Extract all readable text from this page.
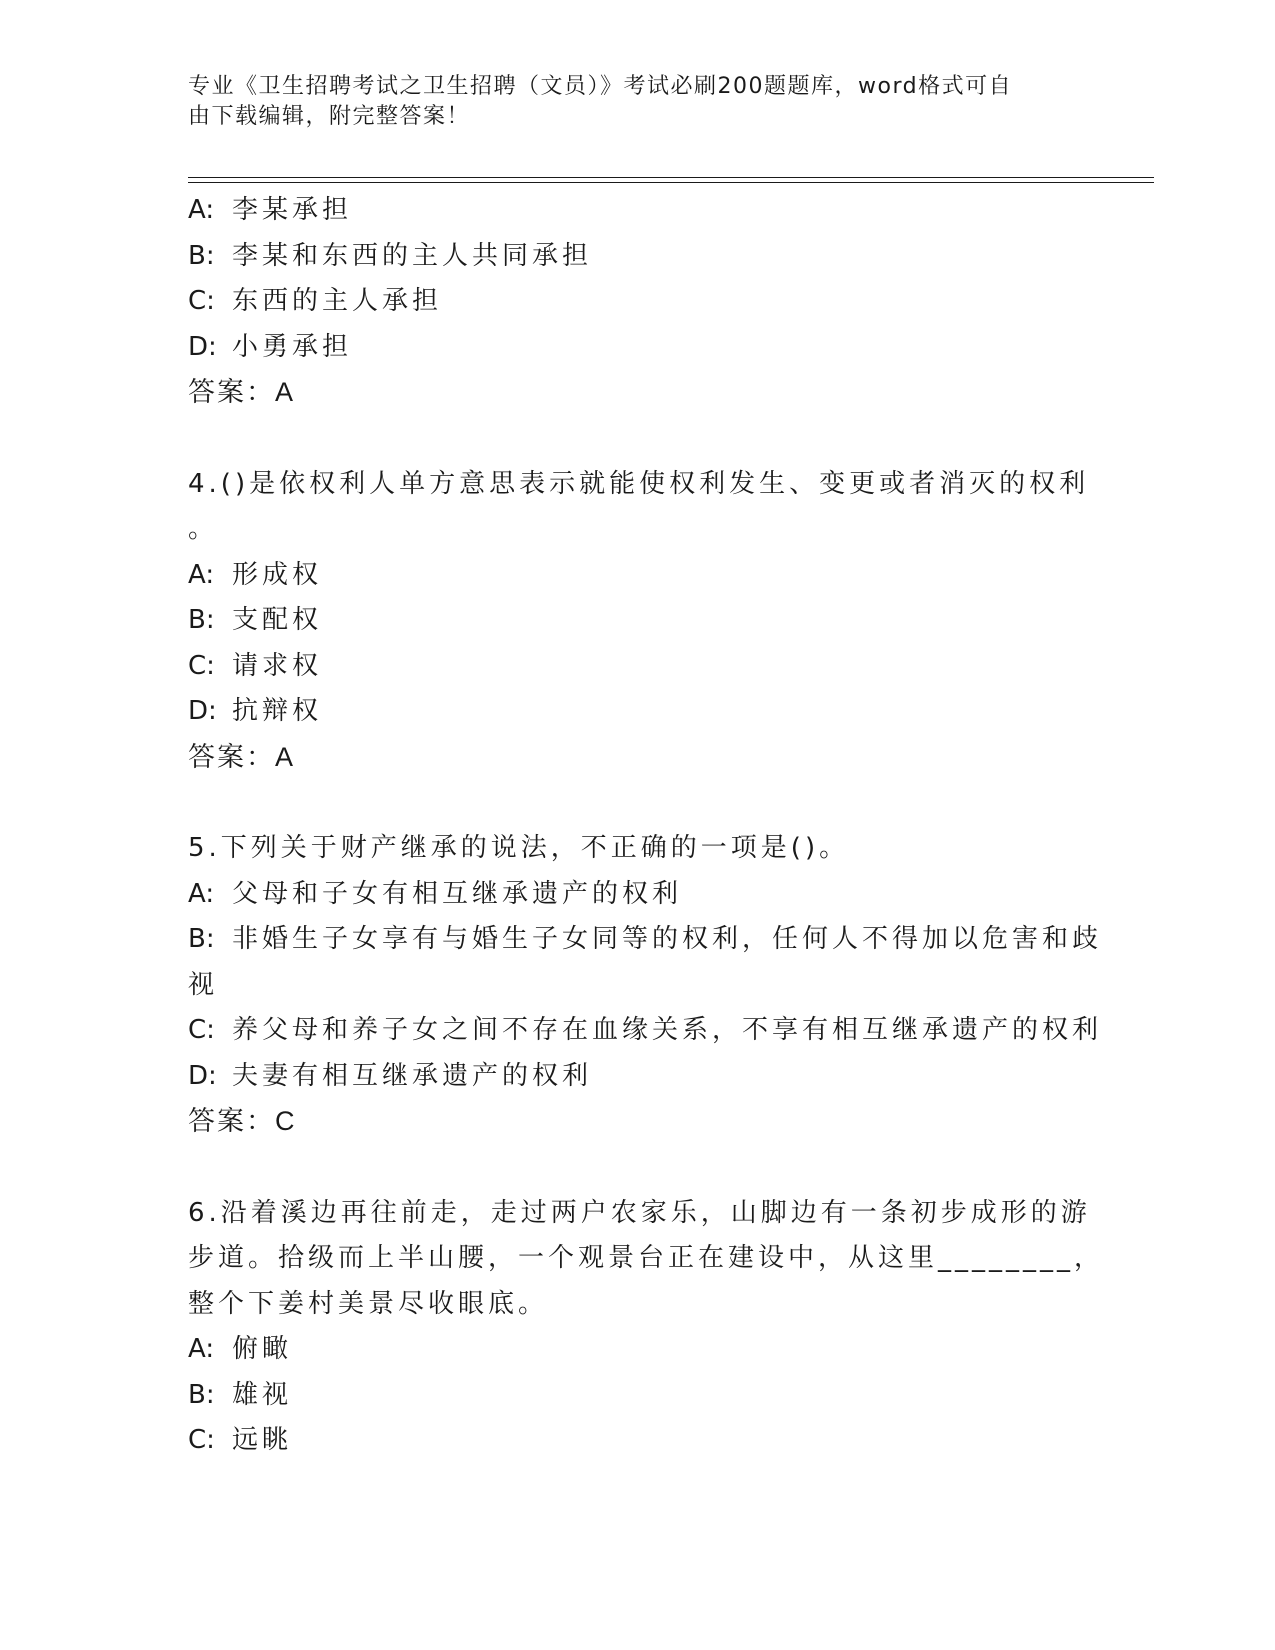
专业《卫生招聘考试之卫生招聘（文员）》考试必刷200题题库，word格式可自
由下载编辑，附完整答案！
A: 李某承担
B: 李某和东西的主人共同承担
C: 东西的主人承担
D: 小勇承担
答案：A
4.()是依权利人单方意思表示就能使权利发生、变更或者消灭的权利
。
A: 形成权
B: 支配权
C: 请求权
D: 抗辩权
答案：A
5.下列关于财产继承的说法，不正确的一项是()。
A: 父母和子女有相互继承遗产的权利
B: 非婚生子女享有与婚生子女同等的权利，任何人不得加以危害和歧
视
C: 养父母和养子女之间不存在血缘关系，不享有相互继承遗产的权利
D: 夫妻有相互继承遗产的权利
答案：C
6.沿着溪边再往前走，走过两户农家乐，山脚边有一条初步成形的游
步道。拾级而上半山腰，一个观景台正在建设中，从这里________，
整个下姜村美景尽收眼底。
A: 俯瞰
B: 雄视
C: 远眺
